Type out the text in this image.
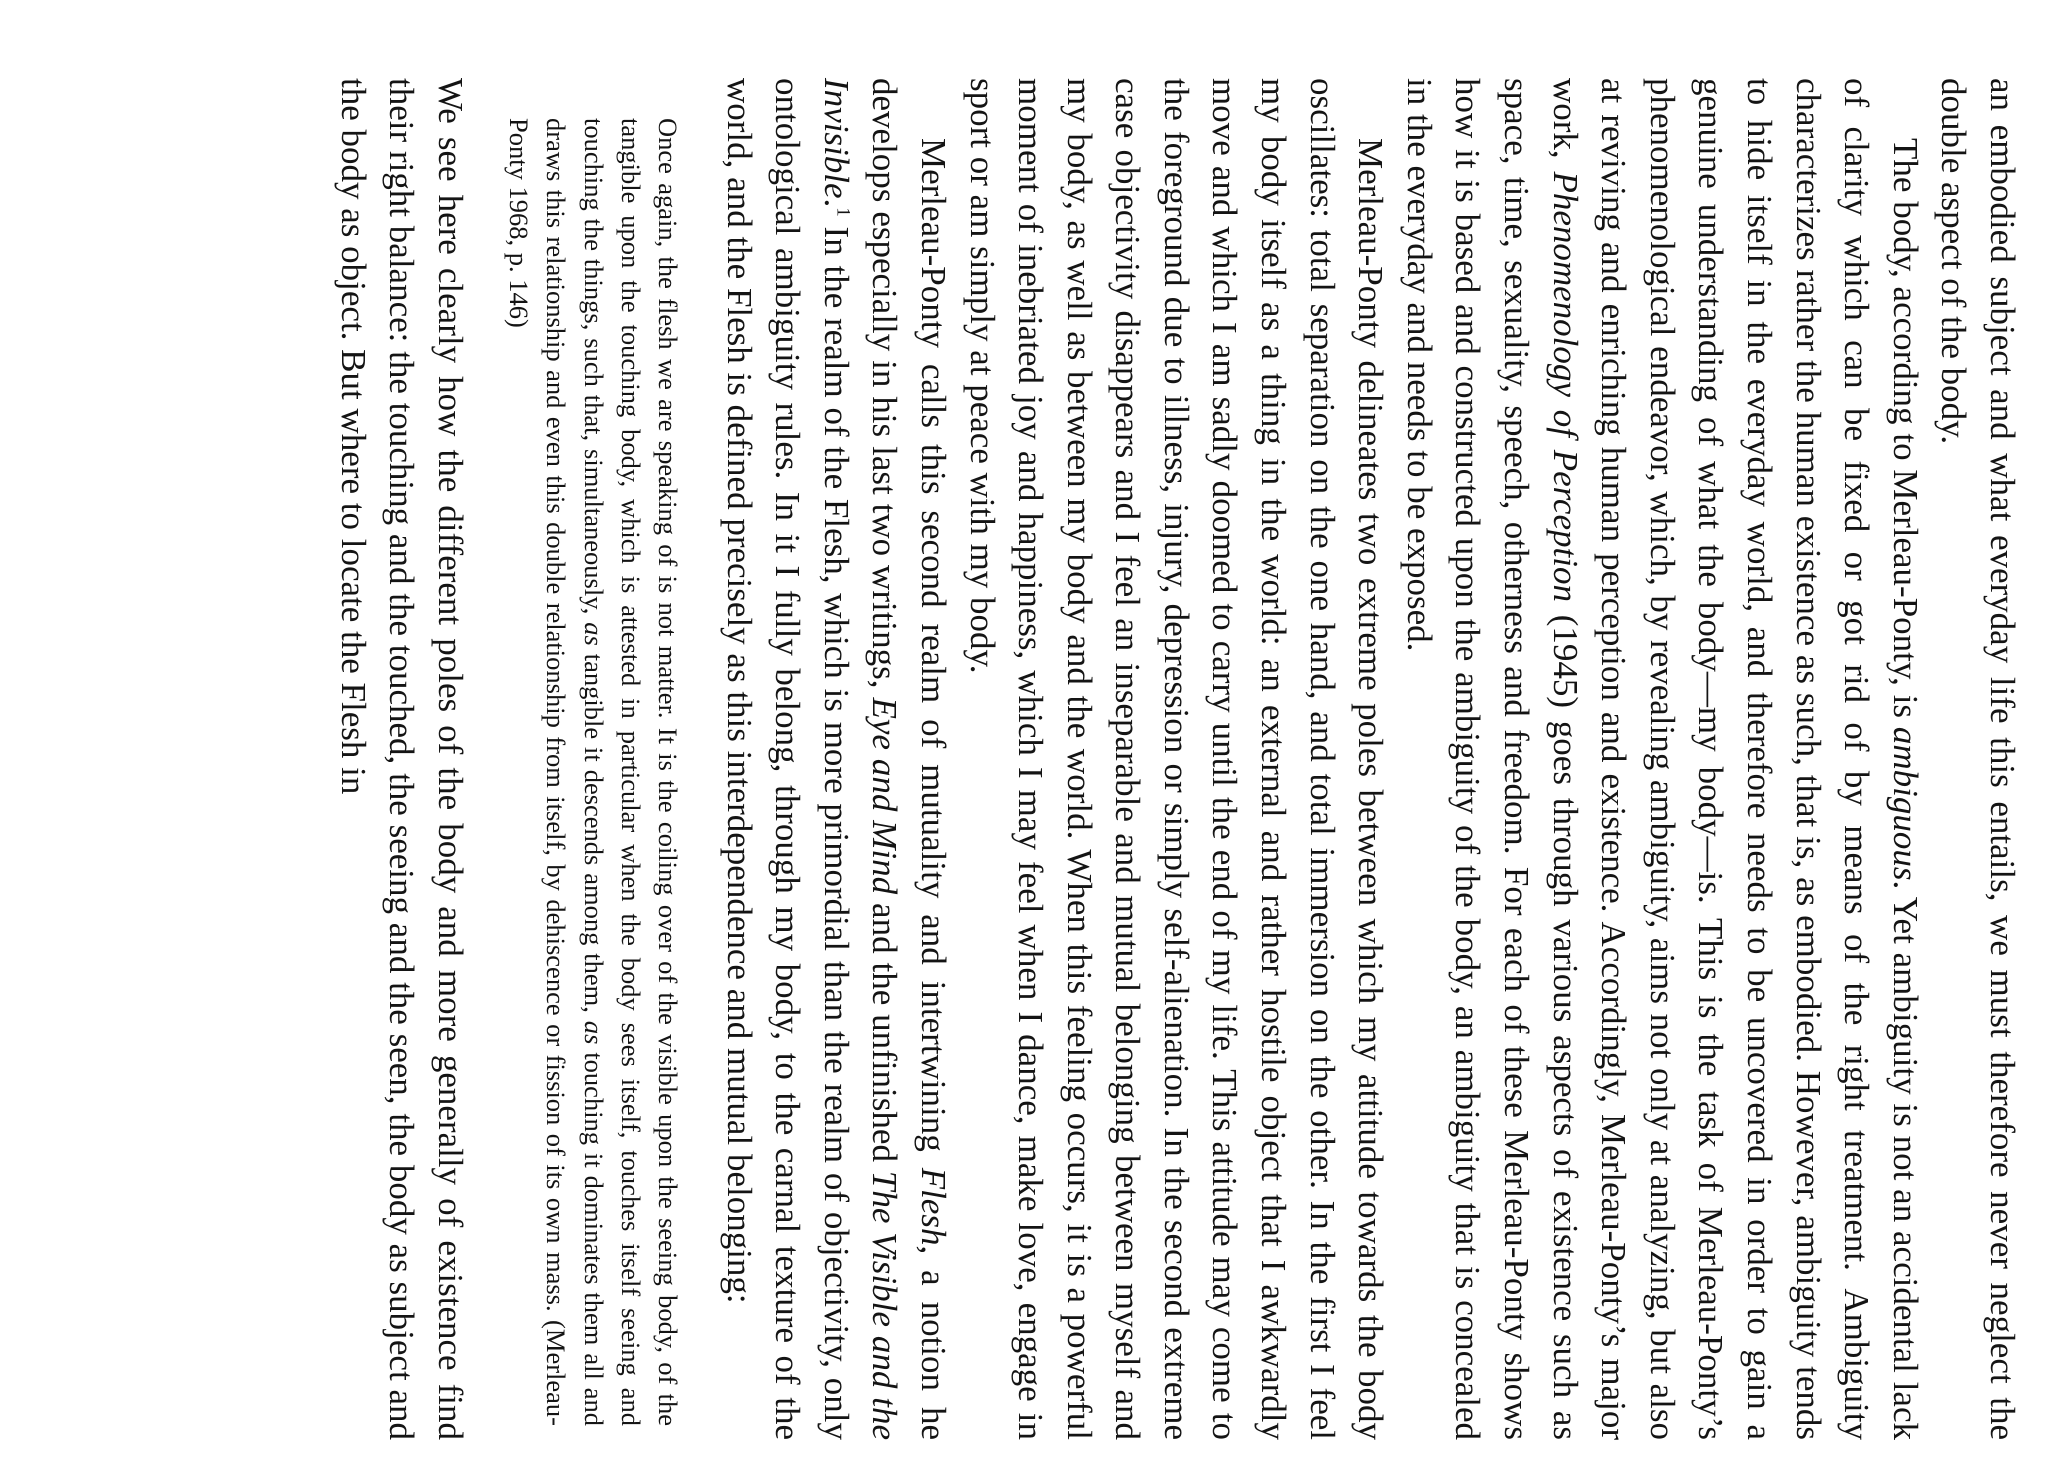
an embodied subject and what everyday life this entails, we must therefore never neglect the double aspect of the body.

The body, according to Merleau-Ponty, is ambiguous. Yet ambiguity is not an accidental lack of clarity which can be fixed or got rid of by means of the right treatment. Ambiguity characterizes rather the human existence as such, that is, as embodied. However, ambiguity tends to hide itself in the everyday world, and therefore needs to be uncovered in order to gain a genuine understanding of what the body—my body—is. This is the task of Merleau-Ponty’s phenomenological endeavor, which, by revealing ambiguity, aims not only at analyzing, but also at reviving and enriching human perception and existence. Accordingly, Merleau-Ponty’s major work, Phenomenology of Perception (1945) goes through various aspects of existence such as space, time, sexuality, speech, otherness and freedom. For each of these Merleau-Ponty shows how it is based and constructed upon the ambiguity of the body, an ambiguity that is concealed in the everyday and needs to be exposed.

Merleau-Ponty delineates two extreme poles between which my attitude towards the body oscillates: total separation on the one hand, and total immersion on the other. In the first I feel my body itself as a thing in the world: an external and rather hostile object that I awkwardly move and which I am sadly doomed to carry until the end of my life. This attitude may come to the foreground due to illness, injury, depression or simply self-alienation. In the second extreme case objectivity disappears and I feel an inseparable and mutual belonging between myself and my body, as well as between my body and the world. When this feeling occurs, it is a powerful moment of inebriated joy and happiness, which I may feel when I dance, make love, engage in sport or am simply at peace with my body.

Merleau-Ponty calls this second realm of mutuality and intertwining Flesh, a notion he develops especially in his last two writings, Eye and Mind and the unfinished The Visible and the Invisible.$^1$ In the realm of the Flesh, which is more primordial than the realm of objectivity, only ontological ambiguity rules. In it I fully belong, through my body, to the carnal texture of the world, and the Flesh is defined precisely as this interdependence and mutual belonging:

Once again, the flesh we are speaking of is not matter. It is the coiling over of the visible upon the seeing body, of the tangible upon the touching body, which is attested in particular when the body sees itself, touches itself seeing and touching the things, such that, simultaneously, as tangible it descends among them, as touching it dominates them all and draws this relationship and even this double relationship from itself, by dehiscence or fission of its own mass. (Merleau-Ponty 1968, p. 146)

We see here clearly how the different poles of the body and more generally of existence find their right balance: the touching and the touched, the seeing and the seen, the body as subject and the body as object. But where to locate the Flesh in
